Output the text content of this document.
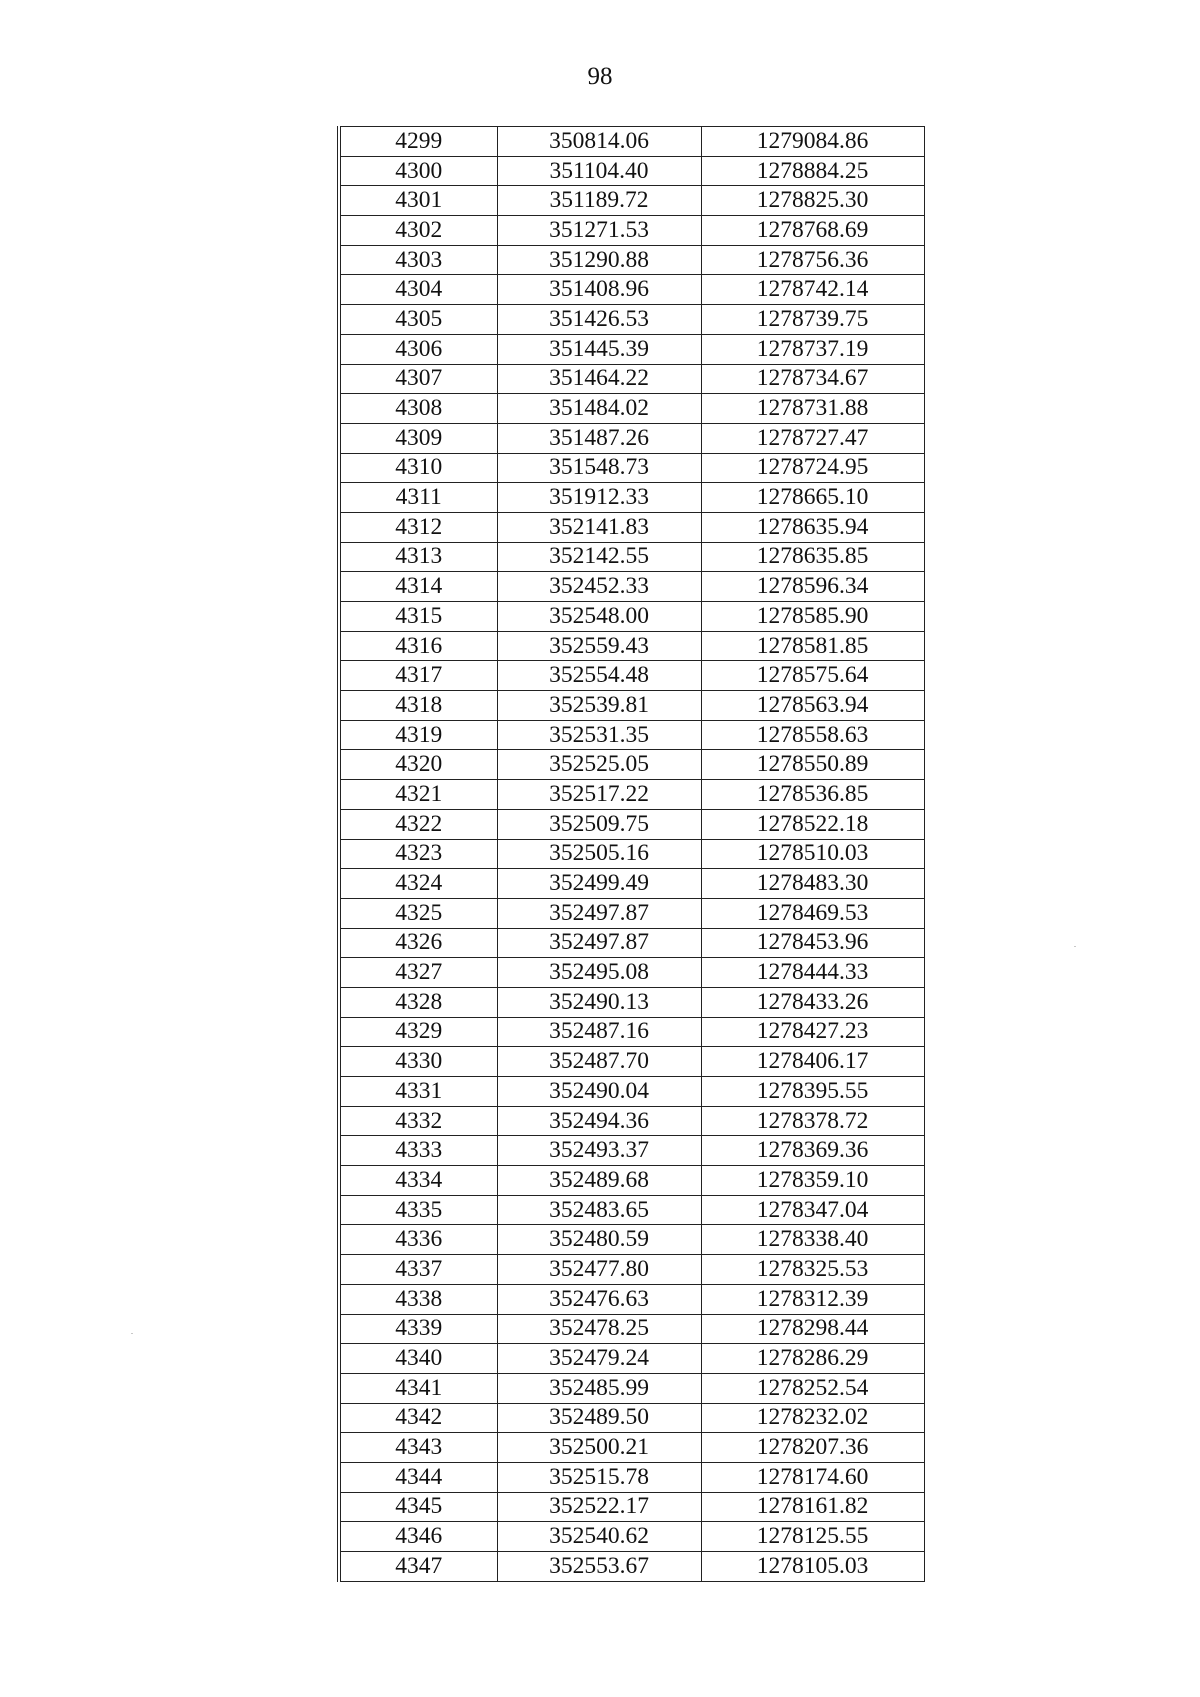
98
4299	350814.06	1279084.86
4300	351104.40	1278884.25
4301	351189.72	1278825.30
4302	351271.53	1278768.69
4303	351290.88	1278756.36
4304	351408.96	1278742.14
4305	351426.53	1278739.75
4306	351445.39	1278737.19
4307	351464.22	1278734.67
4308	351484.02	1278731.88
4309	351487.26	1278727.47
4310	351548.73	1278724.95
4311	351912.33	1278665.10
4312	352141.83	1278635.94
4313	352142.55	1278635.85
4314	352452.33	1278596.34
4315	352548.00	1278585.90
4316	352559.43	1278581.85
4317	352554.48	1278575.64
4318	352539.81	1278563.94
4319	352531.35	1278558.63
4320	352525.05	1278550.89
4321	352517.22	1278536.85
4322	352509.75	1278522.18
4323	352505.16	1278510.03
4324	352499.49	1278483.30
4325	352497.87	1278469.53
4326	352497.87	1278453.96
4327	352495.08	1278444.33
4328	352490.13	1278433.26
4329	352487.16	1278427.23
4330	352487.70	1278406.17
4331	352490.04	1278395.55
4332	352494.36	1278378.72
4333	352493.37	1278369.36
4334	352489.68	1278359.10
4335	352483.65	1278347.04
4336	352480.59	1278338.40
4337	352477.80	1278325.53
4338	352476.63	1278312.39
4339	352478.25	1278298.44
4340	352479.24	1278286.29
4341	352485.99	1278252.54
4342	352489.50	1278232.02
4343	352500.21	1278207.36
4344	352515.78	1278174.60
4345	352522.17	1278161.82
4346	352540.62	1278125.55
4347	352553.67	1278105.03
